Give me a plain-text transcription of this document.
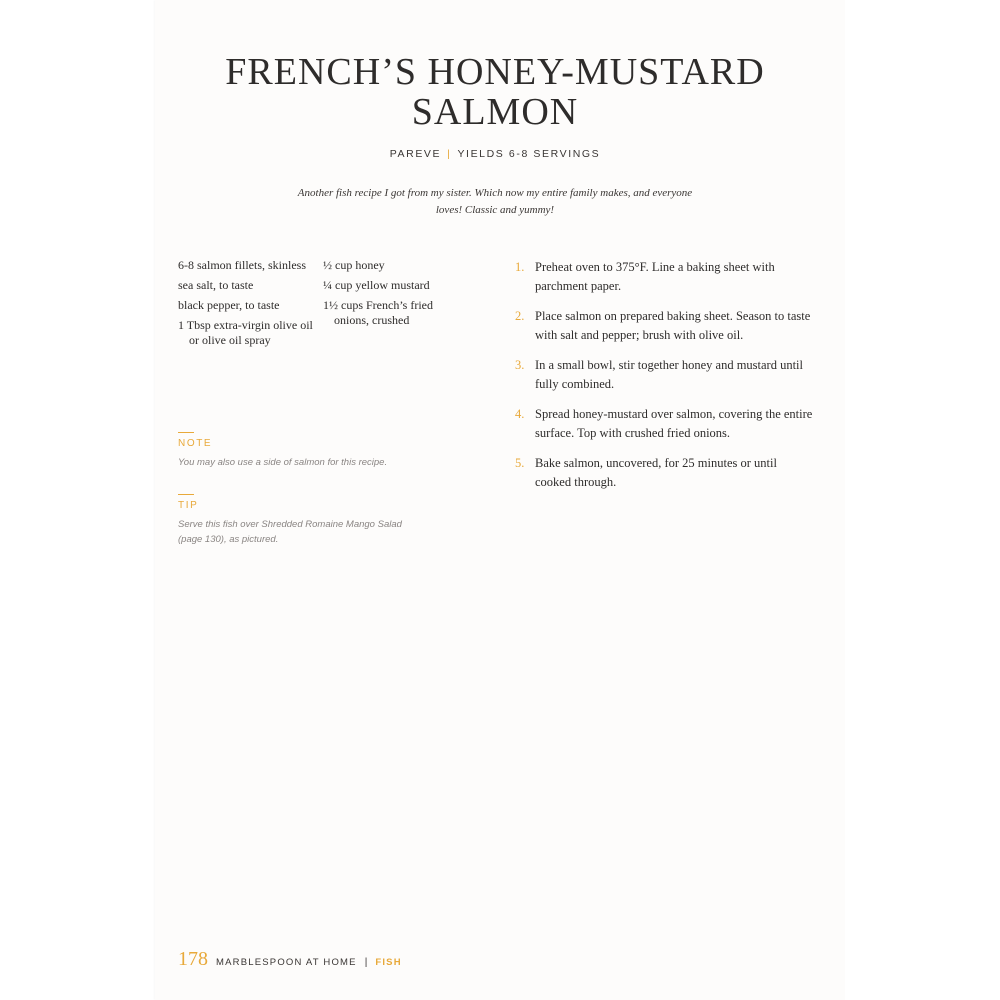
FRENCH’S HONEY-MUSTARD
SALMON
PAREVE | YIELDS 6-8 SERVINGS
Another fish recipe I got from my sister. Which now my entire family makes, and everyone
loves! Classic and yummy!
6-8 salmon fillets, skinless
sea salt, to taste
black pepper, to taste
1 Tbsp extra-virgin olive oil or olive oil spray
½ cup honey
¼ cup yellow mustard
1½ cups French’s fried onions, crushed
NOTE
You may also use a side of salmon for this recipe.
TIP
Serve this fish over Shredded Romaine Mango Salad (page 130), as pictured.
1. Preheat oven to 375°F. Line a baking sheet with parchment paper.
2. Place salmon on prepared baking sheet. Season to taste with salt and pepper; brush with olive oil.
3. In a small bowl, stir together honey and mustard until fully combined.
4. Spread honey-mustard over salmon, covering the entire surface. Top with crushed fried onions.
5. Bake salmon, uncovered, for 25 minutes or until cooked through.
178 MARBLESPOON AT HOME | FISH
